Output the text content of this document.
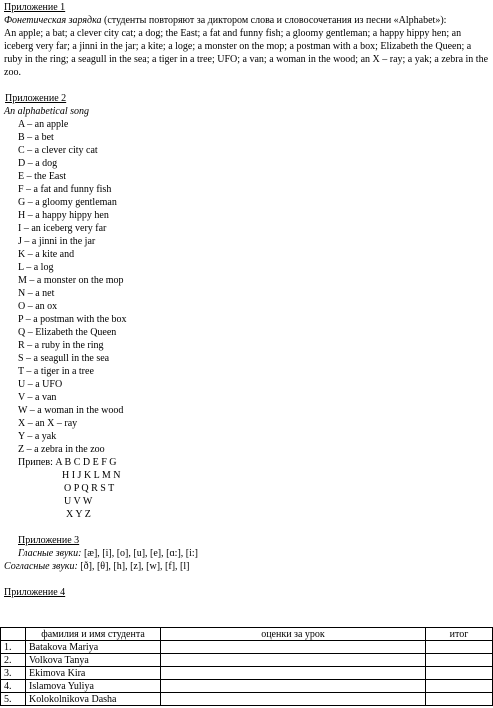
Приложение 1
Фонетическая зарядка (студенты повторяют за диктором слова и словосочетания из песни «Alphabet»):
An apple; a bat; a clever city cat; a dog; the East; a fat and funny fish; a gloomy gentleman; a happy hippy hen; an iceberg very far; a jinni in the jar; a kite; a loge; a monster on the mop; a postman with a box; Elizabeth the Queen; a ruby in the ring; a seagull in the sea; a tiger in a tree; UFO; a van; a woman in the wood; an X – ray; a yak; a zebra in the zoo.
Приложение 2
An alphabetical song
A – an apple
B – a bet
C – a clever city cat
D – a dog
E – the East
F – a fat and funny fish
G – a gloomy gentleman
H – a happy hippy hen
I – an iceberg very far
J – a jinni in the jar
K – a kite and
L – a log
M – a monster on the mop
N – a net
O – an ox
P – a postman with the box
Q – Elizabeth the Queen
R – a ruby in the ring
S – a seagull in the sea
T – a tiger in a tree
U – a UFO
V – a van
W – a woman in the wood
X – an X – ray
Y – a yak
Z – a zebra in the zoo
Припев: A B C D E F G
H I J K L M N
O P Q R S T
U V W
X Y Z
Приложение 3
Гласные звуки: [æ], [i], [o], [u], [e], [ɑ:], [i:]
Согласные звуки: [ð], [θ], [h], [z], [w], [f], [l]
Приложение 4
	фамилия и имя студента	оценки за урок	итог
1.	Batakova Mariya		
2.	Volkova Tanya		
3.	Ekimova Kira		
4.	Islamova Yuliya		
5.	Kolokolnikova Dasha		
